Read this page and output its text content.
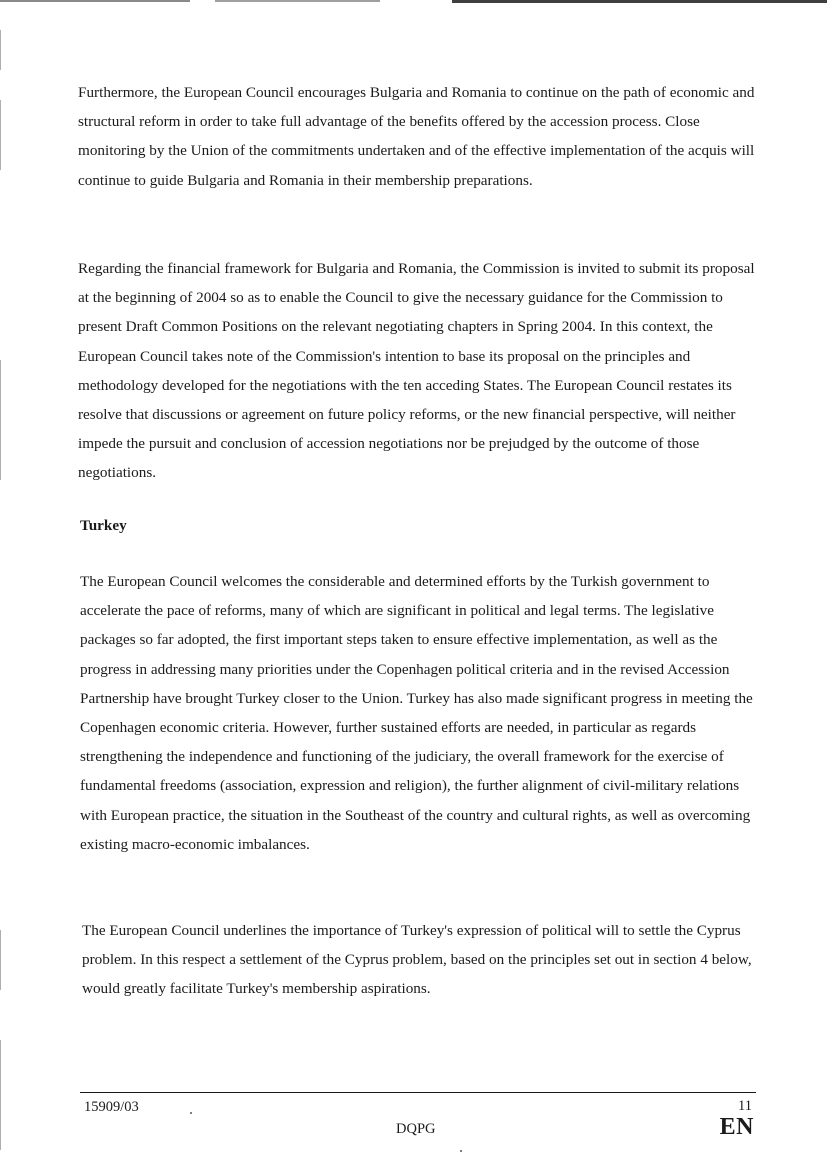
Furthermore, the European Council encourages Bulgaria and Romania to continue on the path of economic and structural reform in order to take full advantage of the benefits offered by the accession process. Close monitoring by the Union of the commitments undertaken and of the effective implementation of the acquis will continue to guide Bulgaria and Romania in their membership preparations.

Regarding the financial framework for Bulgaria and Romania, the Commission is invited to submit its proposal at the beginning of 2004 so as to enable the Council to give the necessary guidance for the Commission to present Draft Common Positions on the relevant negotiating chapters in Spring 2004. In this context, the European Council takes note of the Commission's intention to base its proposal on the principles and methodology developed for the negotiations with the ten acceding States. The European Council restates its resolve that discussions or agreement on future policy reforms, or the new financial perspective, will neither impede the pursuit and conclusion of accession negotiations nor be prejudged by the outcome of those negotiations.

Turkey

The European Council welcomes the considerable and determined efforts by the Turkish government to accelerate the pace of reforms, many of which are significant in political and legal terms. The legislative packages so far adopted, the first important steps taken to ensure effective implementation, as well as the progress in addressing many priorities under the Copenhagen political criteria and in the revised Accession Partnership have brought Turkey closer to the Union. Turkey has also made significant progress in meeting the Copenhagen economic criteria. However, further sustained efforts are needed, in particular as regards strengthening the independence and functioning of the judiciary, the overall framework for the exercise of fundamental freedoms (association, expression and religion), the further alignment of civil-military relations with European practice, the situation in the Southeast of the country and cultural rights, as well as overcoming existing macro-economic imbalances.

The European Council underlines the importance of Turkey's expression of political will to settle the Cyprus problem. In this respect a settlement of the Cyprus problem, based on the principles set out in section 4 below, would greatly facilitate Turkey's membership aspirations.

15909/03
DQPG
11
EN
